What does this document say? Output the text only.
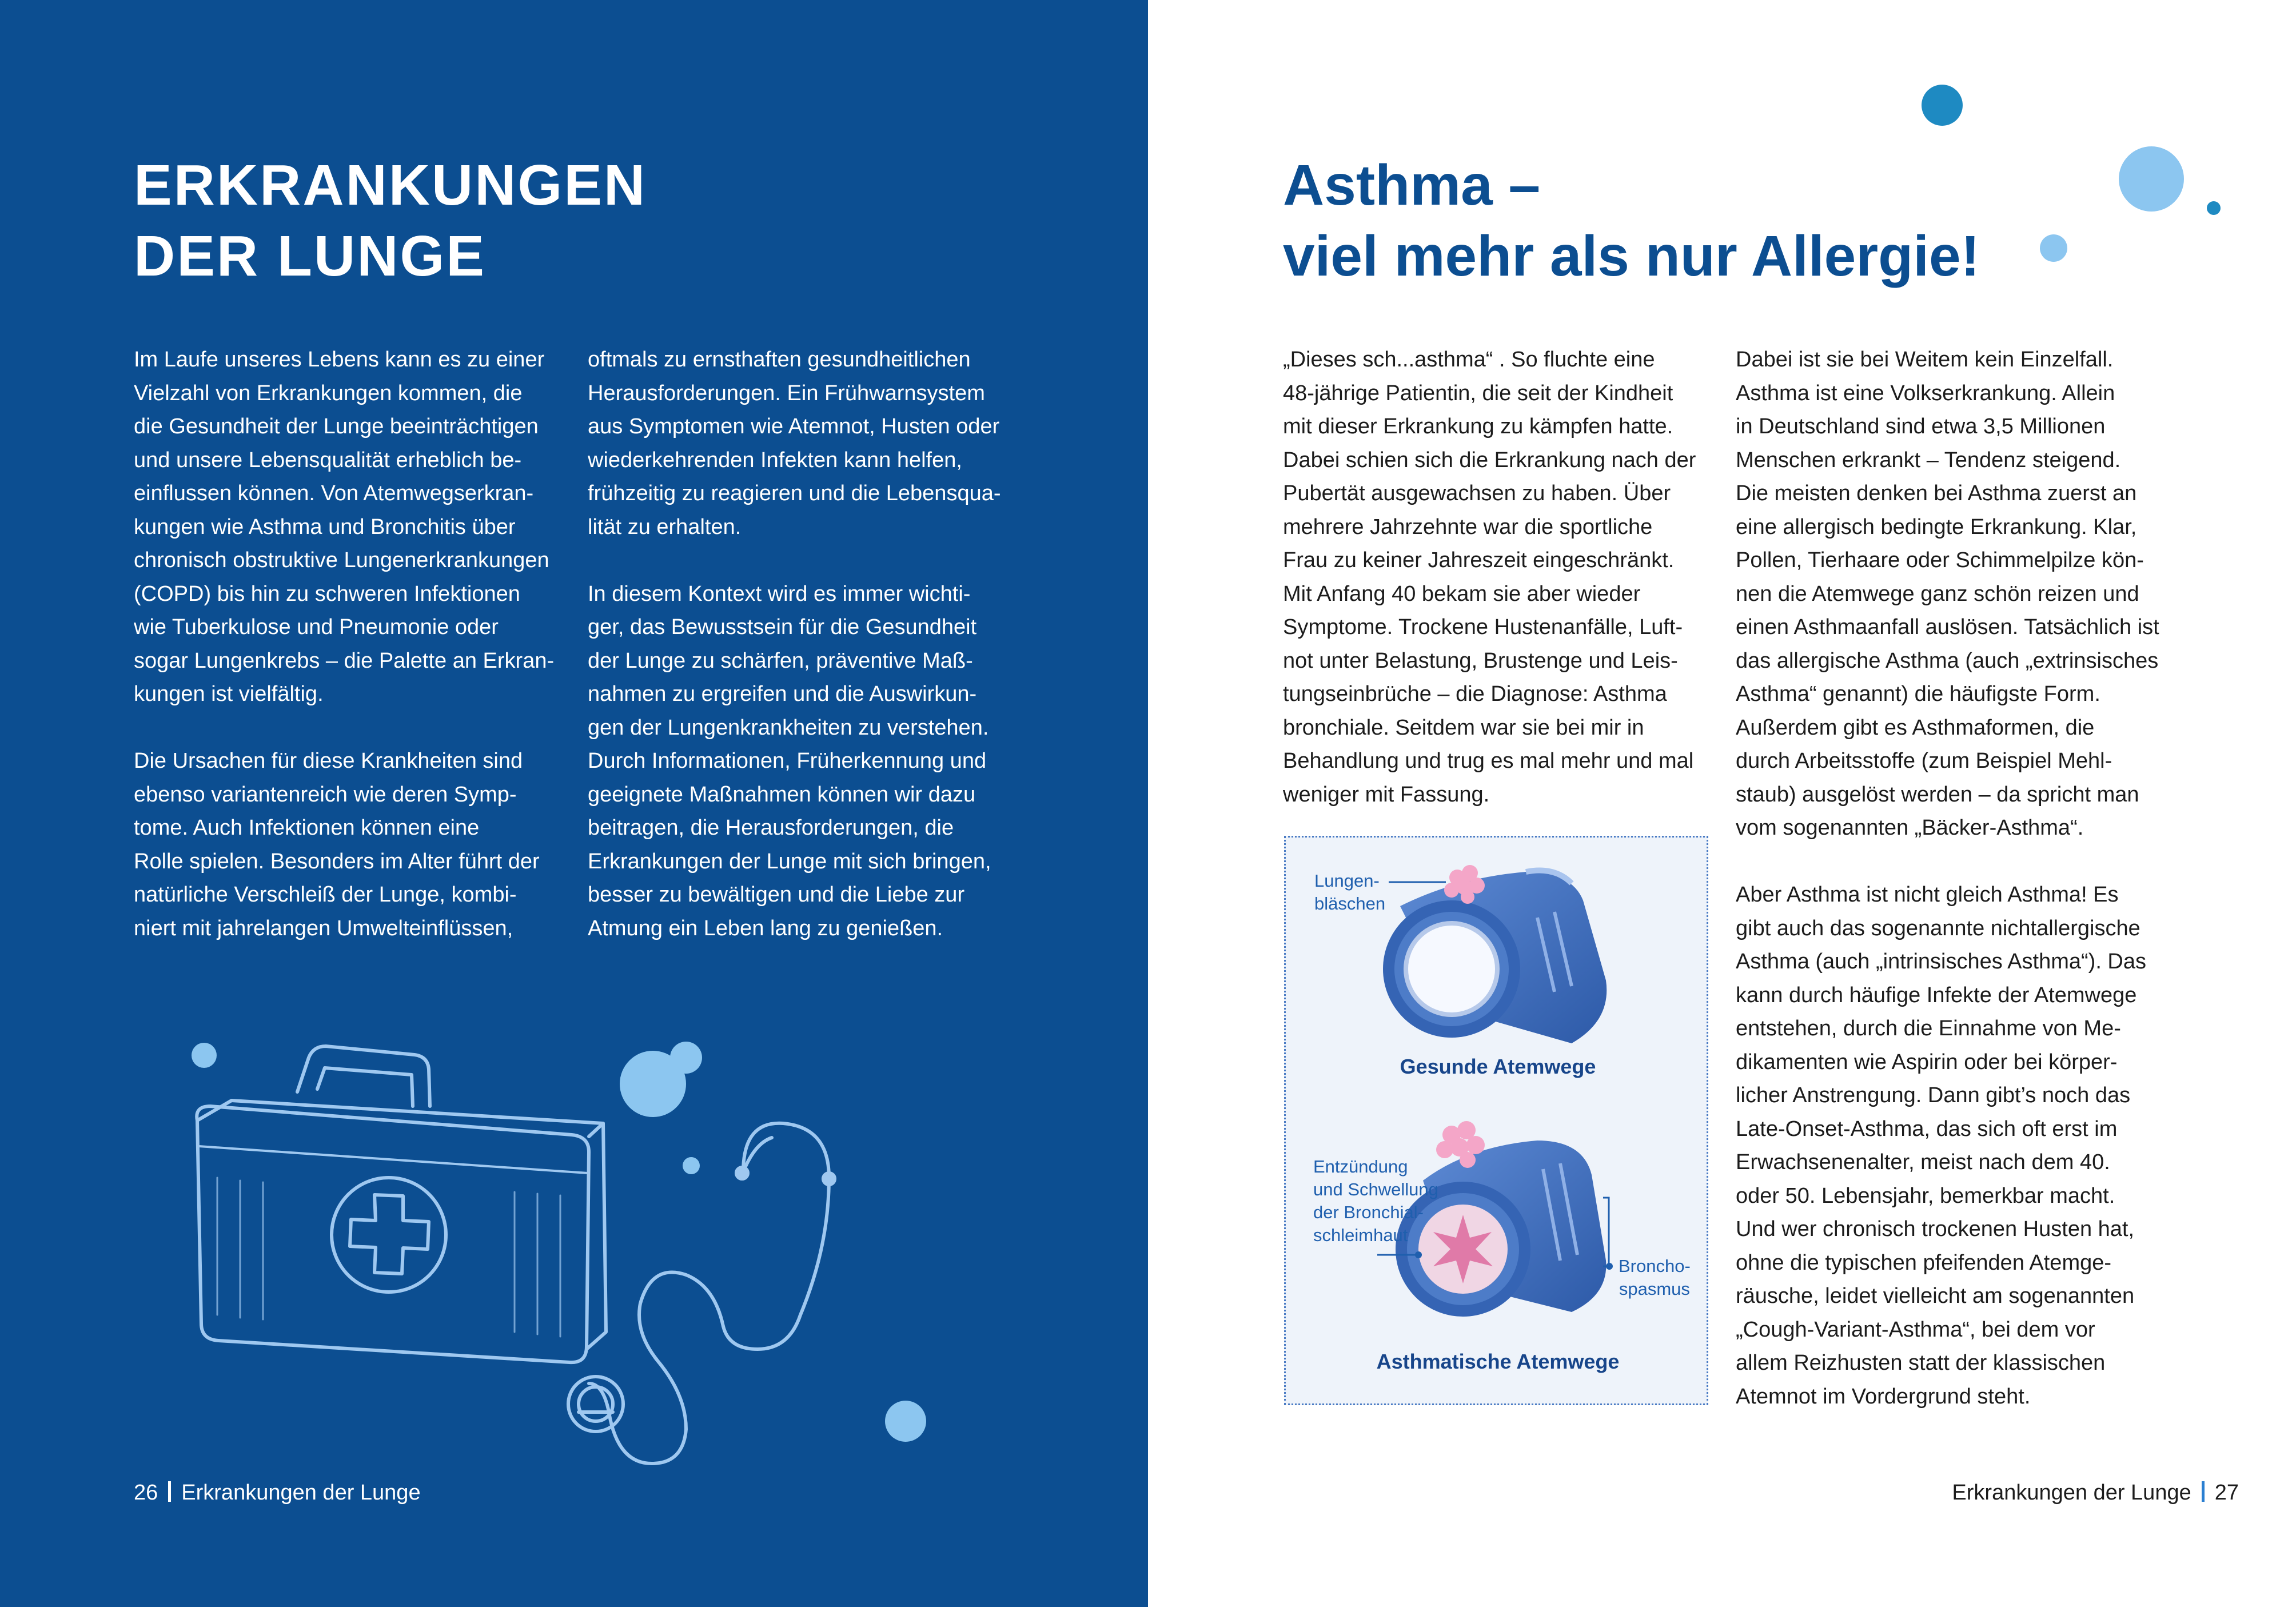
ERKRANKUNGEN
DER LUNGE

Im Laufe unseres Lebens kann es zu einer
Vielzahl von Erkrankungen kommen, die
die Gesundheit der Lunge beeinträchtigen
und unsere Lebensqualität erheblich be-
einflussen können. Von Atemwegserkran-
kungen wie Asthma und Bronchitis über
chronisch obstruktive Lungenerkrankungen
(COPD) bis hin zu schweren Infektionen
wie Tuberkulose und Pneumonie oder
sogar Lungenkrebs – die Palette an Erkran-
kungen ist vielfältig.

Die Ursachen für diese Krankheiten sind
ebenso variantenreich wie deren Symp-
tome. Auch Infektionen können eine
Rolle spielen. Besonders im Alter führt der
natürliche Verschleiß der Lunge, kombi-
niert mit jahrelangen Umwelteinflüssen,

oftmals zu ernsthaften gesundheitlichen
Herausforderungen. Ein Frühwarnsystem
aus Symptomen wie Atemnot, Husten oder
wiederkehrenden Infekten kann helfen,
frühzeitig zu reagieren und die Lebensqua-
lität zu erhalten.

In diesem Kontext wird es immer wichti-
ger, das Bewusstsein für die Gesundheit
der Lunge zu schärfen, präventive Maß-
nahmen zu ergreifen und die Auswirkun-
gen der Lungenkrankheiten zu verstehen.
Durch Informationen, Früherkennung und
geeignete Maßnahmen können wir dazu
beitragen, die Herausforderungen, die
Erkrankungen der Lunge mit sich bringen,
besser zu bewältigen und die Liebe zur
Atmung ein Leben lang zu genießen.

26 Erkrankungen der Lunge
Asthma –
viel mehr als nur Allergie!

„Dieses sch...asthma“ . So fluchte eine
48-jährige Patientin, die seit der Kindheit
mit dieser Erkrankung zu kämpfen hatte.
Dabei schien sich die Erkrankung nach der
Pubertät ausgewachsen zu haben. Über
mehrere Jahrzehnte war die sportliche
Frau zu keiner Jahreszeit eingeschränkt.
Mit Anfang 40 bekam sie aber wieder
Symptome. Trockene Hustenanfälle, Luft-
not unter Belastung, Brustenge und Leis-
tungseinbrüche – die Diagnose: Asthma
bronchiale. Seitdem war sie bei mir in
Behandlung und trug es mal mehr und mal
weniger mit Fassung.

Dabei ist sie bei Weitem kein Einzelfall.
Asthma ist eine Volkserkrankung. Allein
in Deutschland sind etwa 3,5 Millionen
Menschen erkrankt – Tendenz steigend.
Die meisten denken bei Asthma zuerst an
eine allergisch bedingte Erkrankung. Klar,
Pollen, Tierhaare oder Schimmelpilze kön-
nen die Atemwege ganz schön reizen und
einen Asthmaanfall auslösen. Tatsächlich ist
das allergische Asthma (auch „extrinsisches
Asthma“ genannt) die häufigste Form.
Außerdem gibt es Asthmaformen, die
durch Arbeitsstoffe (zum Beispiel Mehl-
staub) ausgelöst werden – da spricht man
vom sogenannten „Bäcker-Asthma“.

Aber Asthma ist nicht gleich Asthma! Es
gibt auch das sogenannte nichtallergische
Asthma (auch „intrinsisches Asthma“). Das
kann durch häufige Infekte der Atemwege
entstehen, durch die Einnahme von Me-
dikamenten wie Aspirin oder bei körper-
licher Anstrengung. Dann gibt’s noch das
Late-Onset-Asthma, das sich oft erst im
Erwachsenenalter, meist nach dem 40.
oder 50. Lebensjahr, bemerkbar macht.
Und wer chronisch trockenen Husten hat,
ohne die typischen pfeifenden Atemge-
räusche, leidet vielleicht am sogenannten
„Cough-Variant-Asthma“, bei dem vor
allem Reizhusten statt der klassischen
Atemnot im Vordergrund steht.

Lungen-
bläschen
Gesunde Atemwege
Entzündung
und Schwellung
der Bronchial-
schleimhaut
Broncho-
spasmus
Asthmatische Atemwege
Erkrankungen der Lunge 27
